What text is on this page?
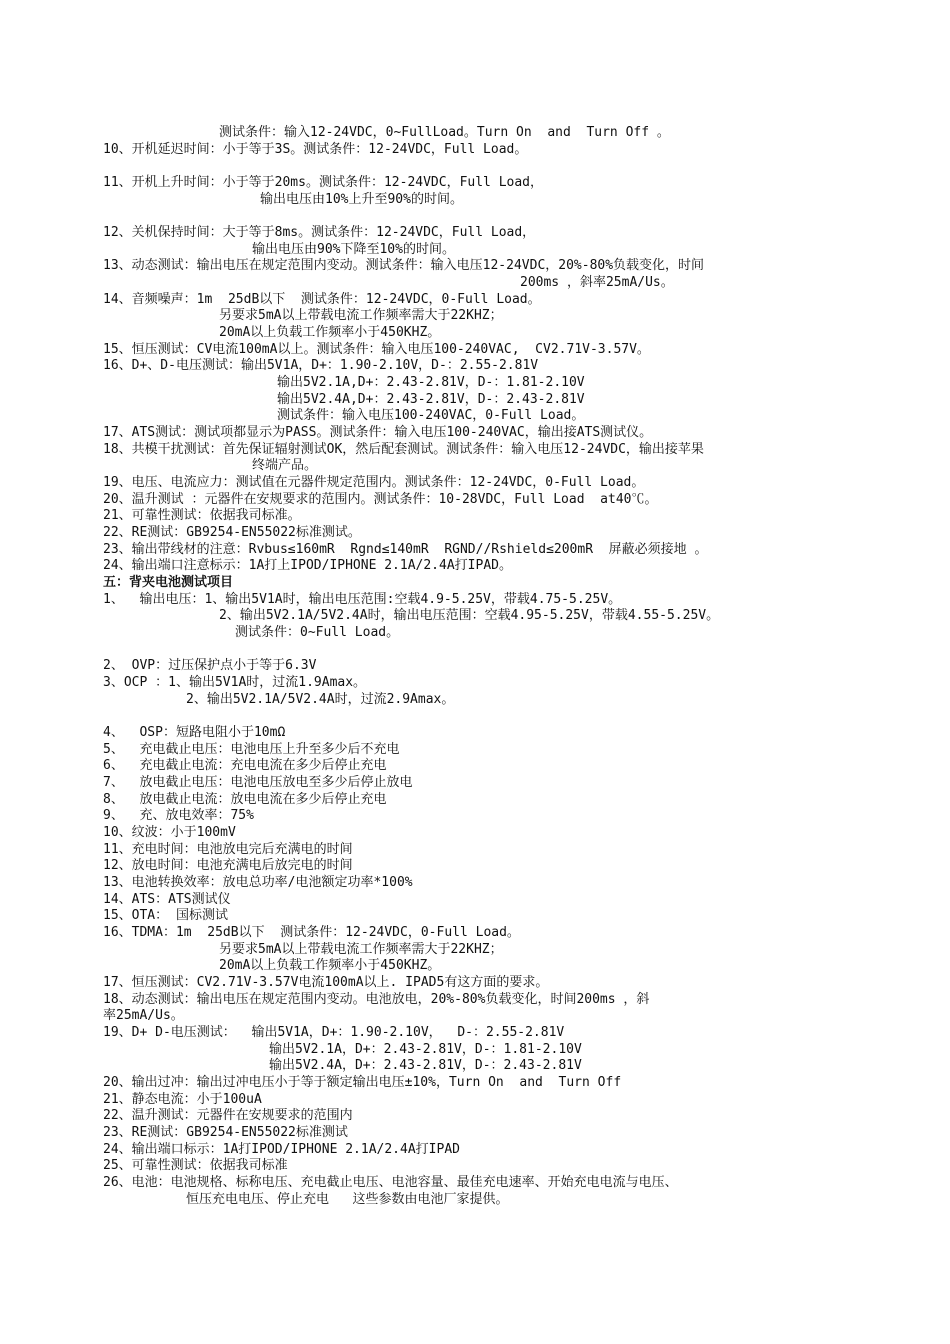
测试条件：输入12-24VDC，0~FullLoad。Turn On  and  Turn Off 。
10、开机延迟时间：小于等于3S。测试条件：12-24VDC，Full Load。
11、开机上升时间：小于等于20ms。测试条件：12-24VDC，Full Load，
输出电压由10%上升至90%的时间。
12、关机保持时间：大于等于8ms。测试条件：12-24VDC，Full Load，
输出电压由90%下降至10%的时间。
13、动态测试：输出电压在规定范围内变动。测试条件：输入电压12-24VDC，20%-80%负载变化，时间
200ms ，斜率25mA/Us。
14、音频噪声：1m  25dB以下  测试条件：12-24VDC，0-Full Load。
另要求5mA以上带载电流工作频率需大于22KHZ；
20mA以上负载工作频率小于450KHZ。
15、恒压测试：CV电流100mA以上。测试条件：输入电压100-240VAC,  CV2.71V-3.57V。
16、D+、D-电压测试：输出5V1A，D+：1.90-2.10V，D-：2.55-2.81V
输出5V2.1A,D+：2.43-2.81V，D-：1.81-2.10V
输出5V2.4A,D+：2.43-2.81V，D-：2.43-2.81V
测试条件：输入电压100-240VAC，0-Full Load。
17、ATS测试：测试项都显示为PASS。测试条件：输入电压100-240VAC，输出接ATS测试仪。
18、共模干扰测试：首先保证辐射测试OK，然后配套测试。测试条件：输入电压12-24VDC，输出接苹果
终端产品。
19、电压、电流应力：测试值在元器件规定范围内。测试条件：12-24VDC，0-Full Load。
20、温升测试 ：元器件在安规要求的范围内。测试条件：10-28VDC，Full Load  at40℃。
21、可靠性测试：依据我司标准。
22、RE测试：GB9254-EN55022标准测试。
23、输出带线材的注意：Rvbus≤160mR  Rgnd≤140mR  RGND//Rshield≤200mR  屏蔽必须接地 。
24、输出端口注意标示：1A打上IPOD/IPHONE 2.1A/2.4A打IPAD。
五：背夹电池测试项目
1、  输出电压：1、输出5V1A时，输出电压范围:空载4.9-5.25V，带载4.75-5.25V。
2、输出5V2.1A/5V2.4A时，输出电压范围：空载4.95-5.25V，带载4.55-5.25V。
测试条件：0~Full Load。
2、 OVP：过压保护点小于等于6.3V
3、OCP ：1、输出5V1A时，过流1.9Amax。
2、输出5V2.1A/5V2.4A时，过流2.9Amax。
4、  OSP：短路电阻小于10mΩ
5、  充电截止电压：电池电压上升至多少后不充电
6、  充电截止电流：充电电流在多少后停止充电
7、  放电截止电压：电池电压放电至多少后停止放电
8、  放电截止电流：放电电流在多少后停止充电
9、  充、放电效率：75%
10、纹波：小于100mV
11、充电时间：电池放电完后充满电的时间
12、放电时间：电池充满电后放完电的时间
13、电池转换效率：放电总功率/电池额定功率*100%
14、ATS：ATS测试仪
15、OTA： 国标测试
16、TDMA：1m  25dB以下  测试条件：12-24VDC，0-Full Load。
另要求5mA以上带载电流工作频率需大于22KHZ；
20mA以上负载工作频率小于450KHZ。
17、恒压测试：CV2.71V-3.57V电流100mA以上. IPAD5有这方面的要求。
18、动态测试：输出电压在规定范围内变动。电池放电，20%-80%负载变化，时间200ms ，斜
率25mA/Us。
19、D+ D-电压测试：  输出5V1A，D+：1.90-2.10V，  D-：2.55-2.81V
输出5V2.1A，D+：2.43-2.81V，D-：1.81-2.10V
输出5V2.4A，D+：2.43-2.81V，D-：2.43-2.81V
20、输出过冲：输出过冲电压小于等于额定输出电压±10%，Turn On  and  Turn Off
21、静态电流：小于100uA
22、温升测试：元器件在安规要求的范围内
23、RE测试：GB9254-EN55022标准测试
24、输出端口标示：1A打IPOD/IPHONE 2.1A/2.4A打IPAD
25、可靠性测试：依据我司标准
26、电池：电池规格、标称电压、充电截止电压、电池容量、最佳充电速率、开始充电电流与电压、
恒压充电电压、停止充电   这些参数由电池厂家提供。
